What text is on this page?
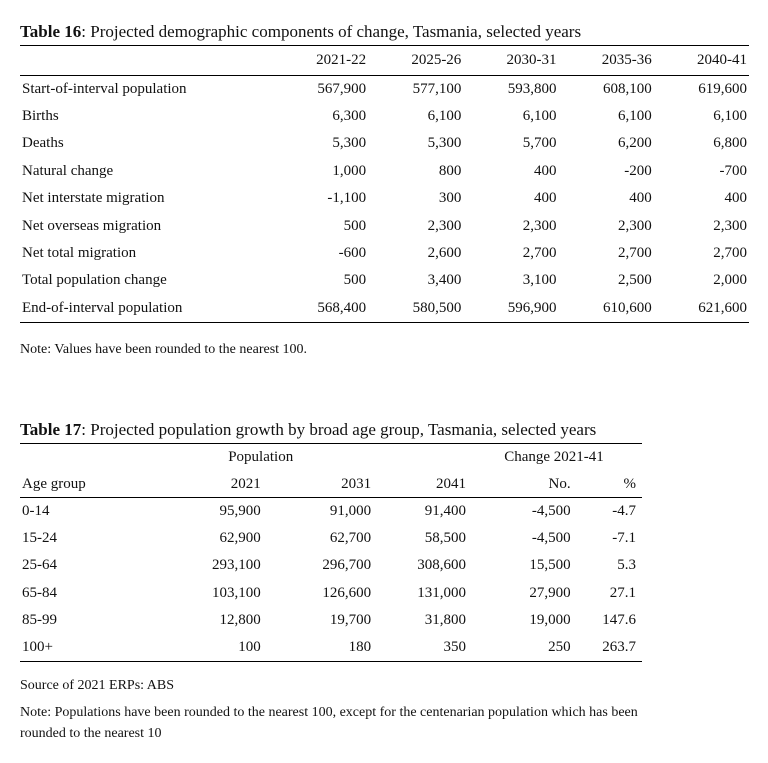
Table 16: Projected demographic components of change, Tasmania, selected years
	2021-22	2025-26	2030-31	2035-36	2040-41
Start-of-interval population	567,900	577,100	593,800	608,100	619,600
Births	6,300	6,100	6,100	6,100	6,100
Deaths	5,300	5,300	5,700	6,200	6,800
Natural change	1,000	800	400	-200	-700
Net interstate migration	-1,100	300	400	400	400
Net overseas migration	500	2,300	2,300	2,300	2,300
Net total migration	-600	2,600	2,700	2,700	2,700
Total population change	500	3,400	3,100	2,500	2,000
End-of-interval population	568,400	580,500	596,900	610,600	621,600
Note: Values have been rounded to the nearest 100.
Table 17: Projected population growth by broad age group, Tasmania, selected years
	Population			Change 2021-41	
Age group	2021	2031	2041	No.	%
0-14	95,900	91,000	91,400	-4,500	-4.7
15-24	62,900	62,700	58,500	-4,500	-7.1
25-64	293,100	296,700	308,600	15,500	5.3
65-84	103,100	126,600	131,000	27,900	27.1
85-99	12,800	19,700	31,800	19,000	147.6
100+	100	180	350	250	263.7
Source of 2021 ERPs: ABS
Note: Populations have been rounded to the nearest 100, except for the centenarian population which has been
rounded to the nearest 10
